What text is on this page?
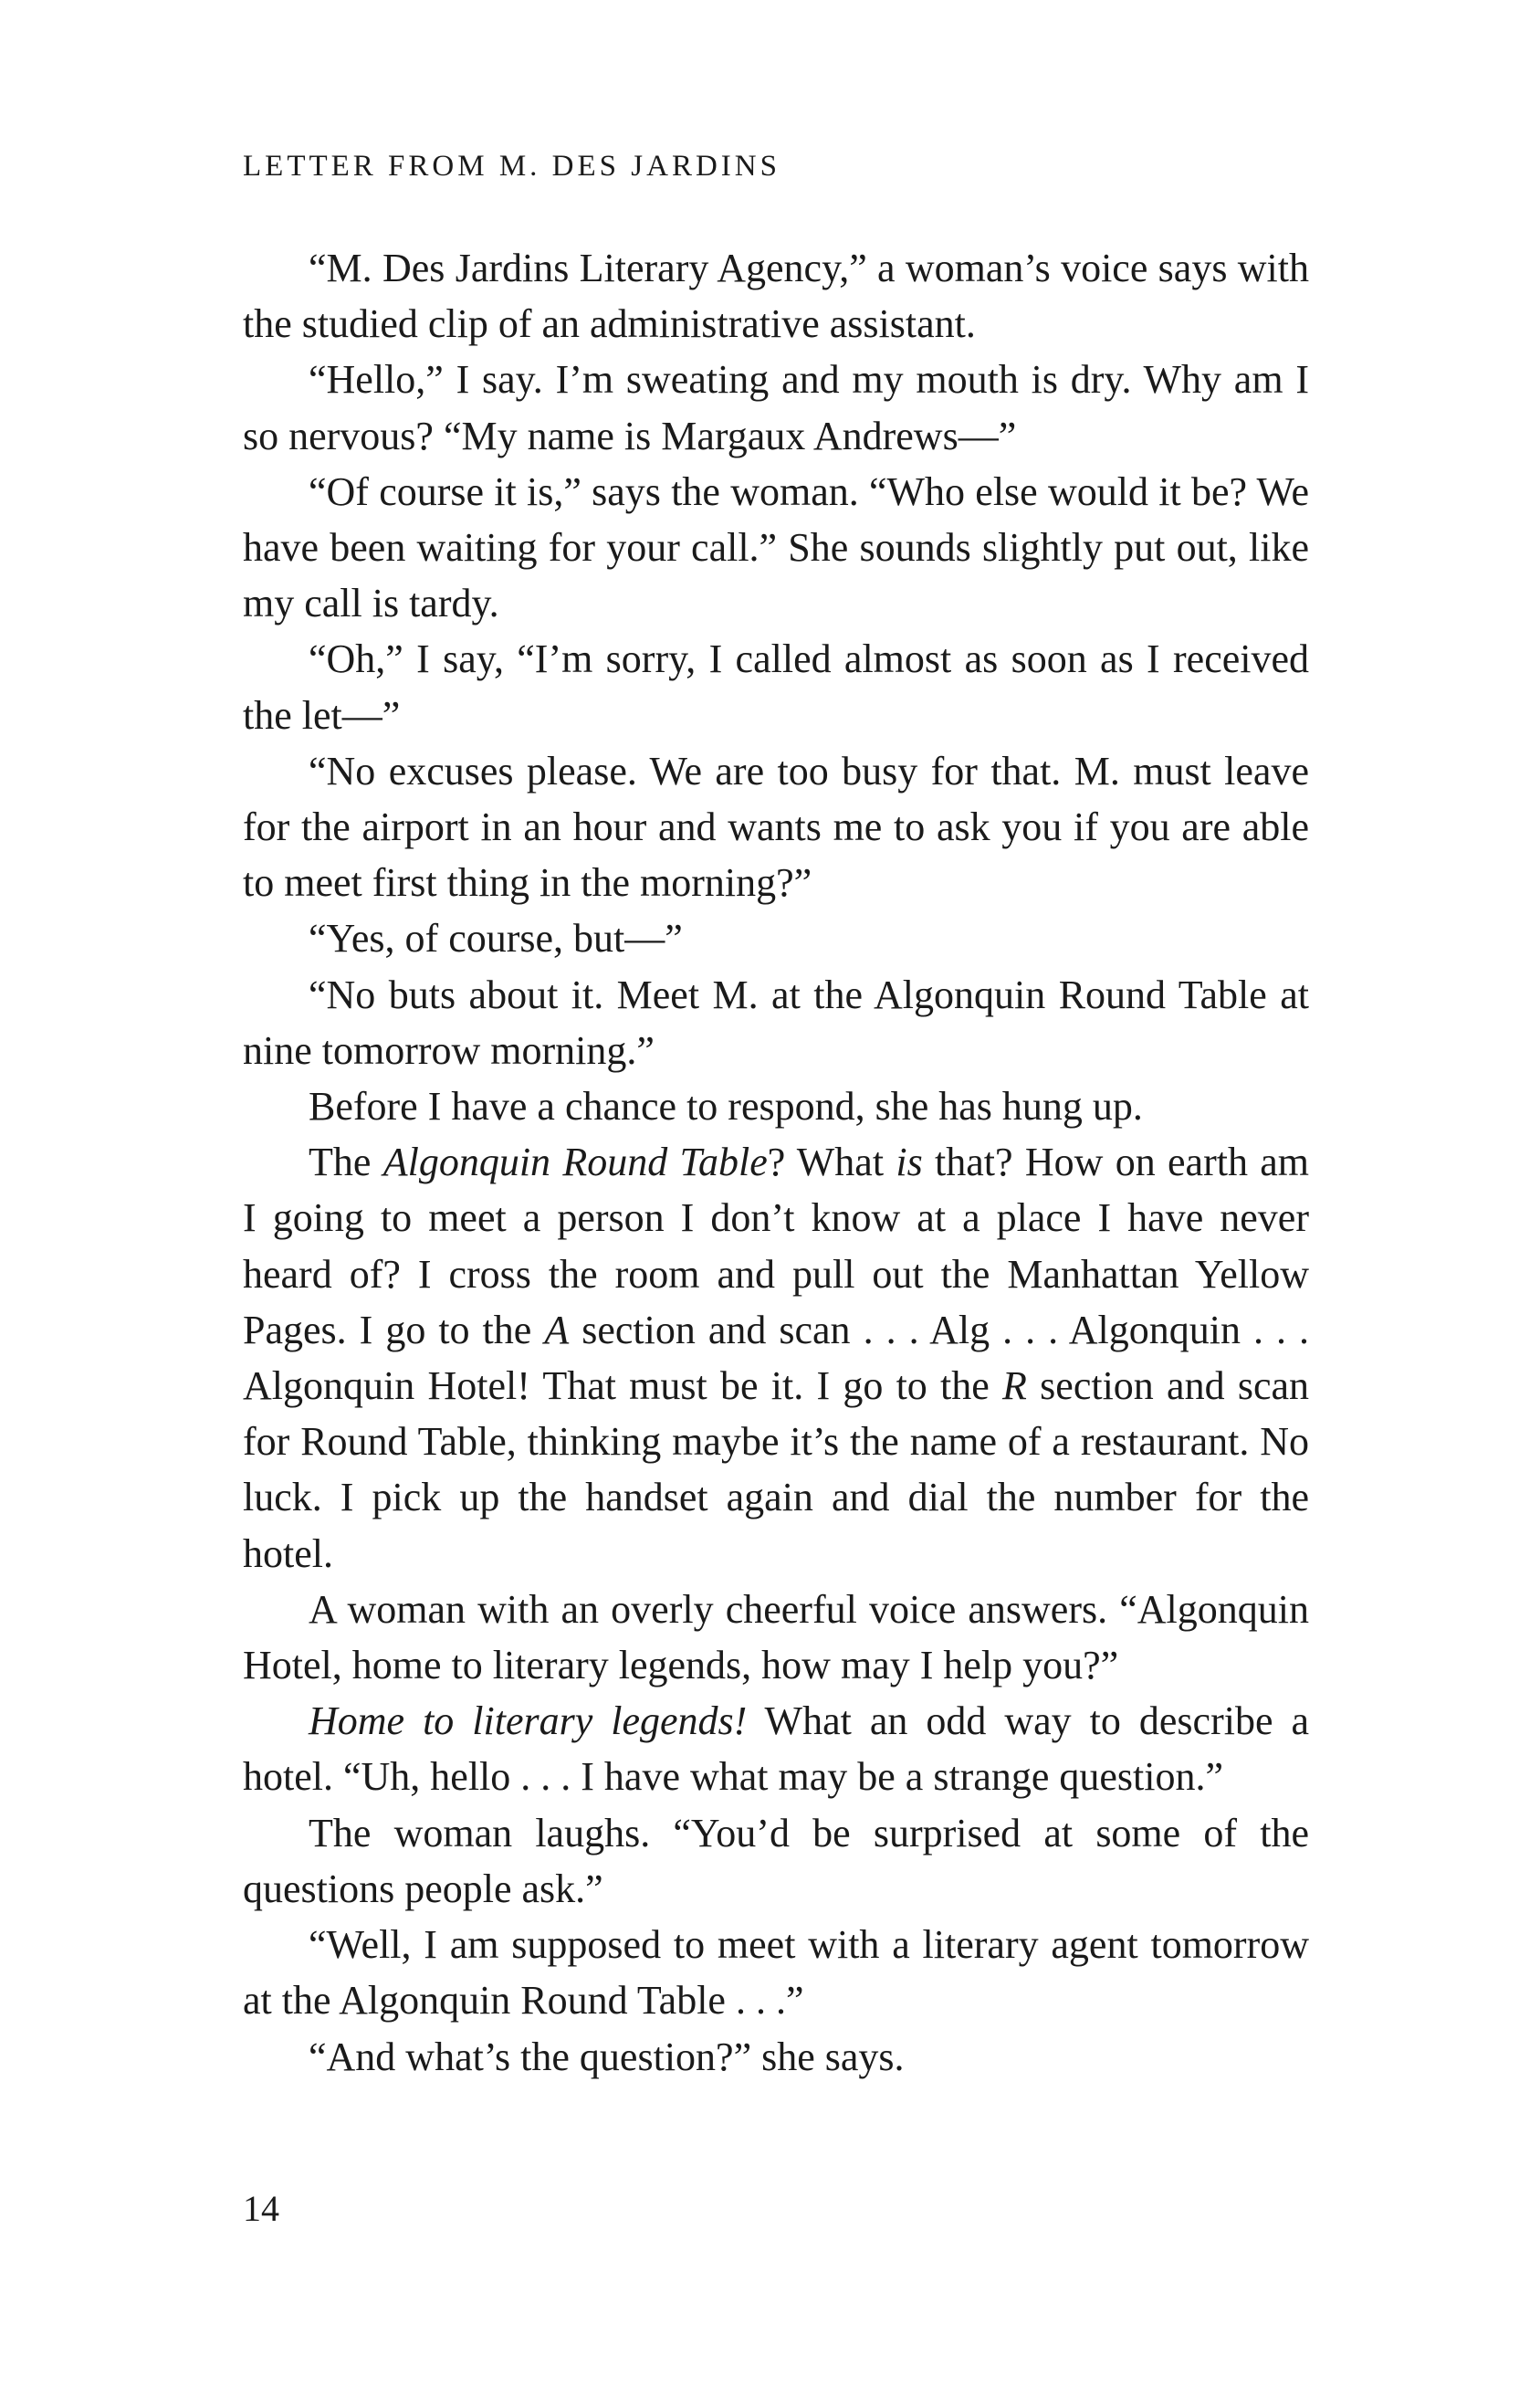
LETTER FROM M. DES JARDINS

“M. Des Jardins Literary Agency,” a woman’s voice says with the studied clip of an administrative assistant.

“Hello,” I say. I’m sweating and my mouth is dry. Why am I so nervous? “My name is Margaux Andrews—”

“Of course it is,” says the woman. “Who else would it be? We have been waiting for your call.” She sounds slightly put out, like my call is tardy.

“Oh,” I say, “I’m sorry, I called almost as soon as I received the let—”

“No excuses please. We are too busy for that. M. must leave for the airport in an hour and wants me to ask you if you are able to meet first thing in the morning?”

“Yes, of course, but—”

“No buts about it. Meet M. at the Algonquin Round Table at nine tomorrow morning.”

Before I have a chance to respond, she has hung up.

The Algonquin Round Table? What is that? How on earth am I going to meet a person I don’t know at a place I have never heard of? I cross the room and pull out the Manhattan Yellow Pages. I go to the A section and scan . . . Alg . . . Algonquin . . . Algonquin Hotel! That must be it. I go to the R section and scan for Round Table, thinking maybe it’s the name of a restaurant. No luck. I pick up the handset again and dial the number for the hotel.

A woman with an overly cheerful voice answers. “Algonquin Hotel, home to literary legends, how may I help you?”

Home to literary legends! What an odd way to describe a hotel. “Uh, hello . . . I have what may be a strange question.”

The woman laughs. “You’d be surprised at some of the questions people ask.”

“Well, I am supposed to meet with a literary agent tomorrow at the Algonquin Round Table . . .”

“And what’s the question?” she says.

14
